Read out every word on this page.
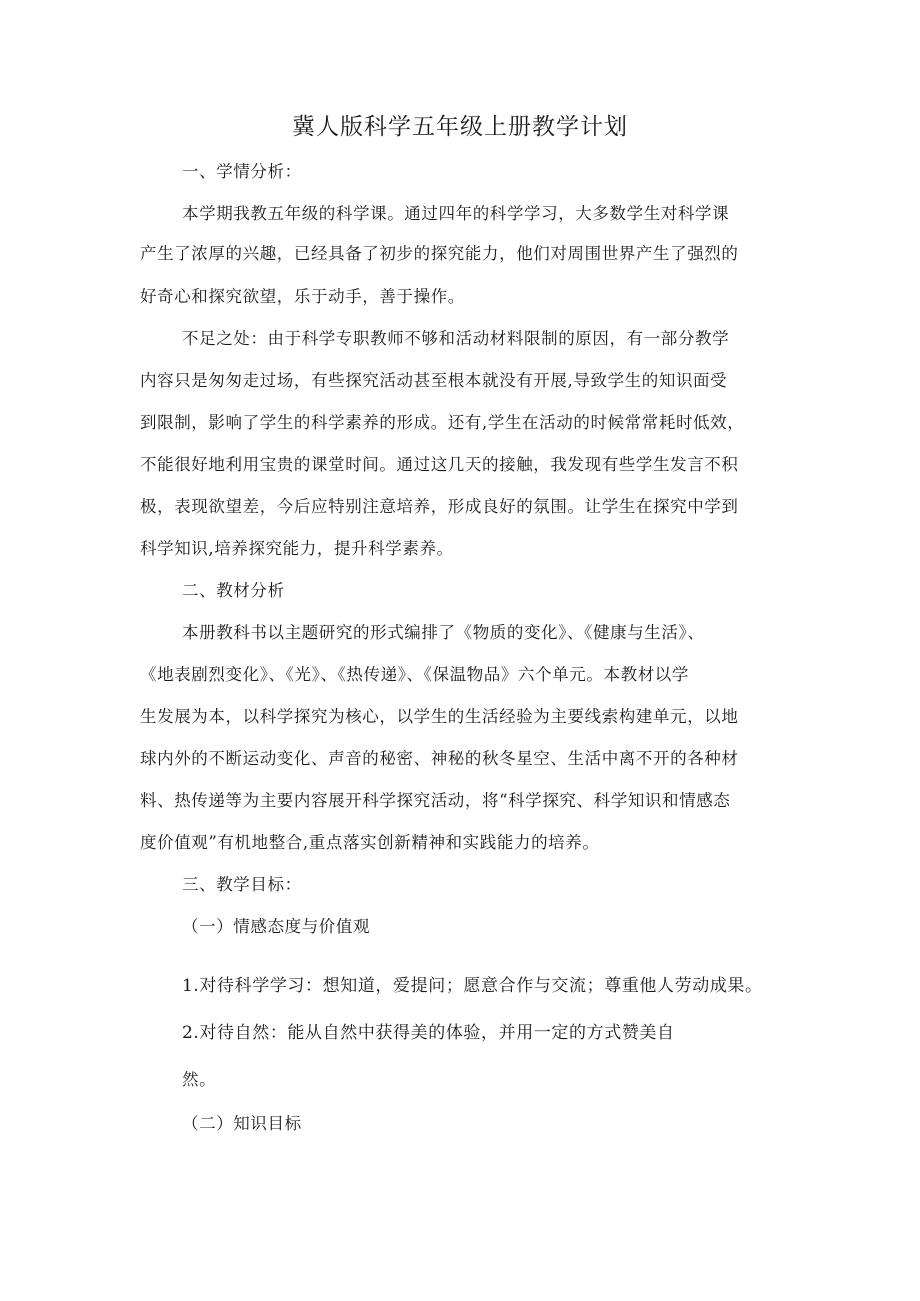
冀人版科学五年级上册教学计划
一、学情分析：
本学期我教五年级的科学课。通过四年的科学学习，大多数学生对科学课
产生了浓厚的兴趣，已经具备了初步的探究能力，他们对周围世界产生了强烈的
好奇心和探究欲望，乐于动手，善于操作。
不足之处：由于科学专职教师不够和活动材料限制的原因，有一部分教学
内容只是匆匆走过场，有些探究活动甚至根本就没有开展,导致学生的知识面受
到限制，影响了学生的科学素养的形成。还有,学生在活动的时候常常耗时低效，
不能很好地利用宝贵的课堂时间。通过这几天的接触，我发现有些学生发言不积
极，表现欲望差，今后应特别注意培养，形成良好的氛围。让学生在探究中学到
科学知识,培养探究能力，提升科学素养。
二、教材分析
本册教科书以主题研究的形式编排了《物质的变化》、《健康与生活》、
《地表剧烈变化》、《光》、《热传递》、《保温物品》六个单元。本教材以学
生发展为本，以科学探究为核心，以学生的生活经验为主要线索构建单元，以地
球内外的不断运动变化、声音的秘密、神秘的秋冬星空、生活中离不开的各种材
料、热传递等为主要内容展开科学探究活动，将“科学探究、科学知识和情感态
度价值观”有机地整合,重点落实创新精神和实践能力的培养。
三、教学目标：
（一）情感态度与价值观
1.对待科学学习：想知道，爱提问；愿意合作与交流；尊重他人劳动成果。
2.对待自然：能从自然中获得美的体验，并用一定的方式赞美自
然。
（二）知识目标
